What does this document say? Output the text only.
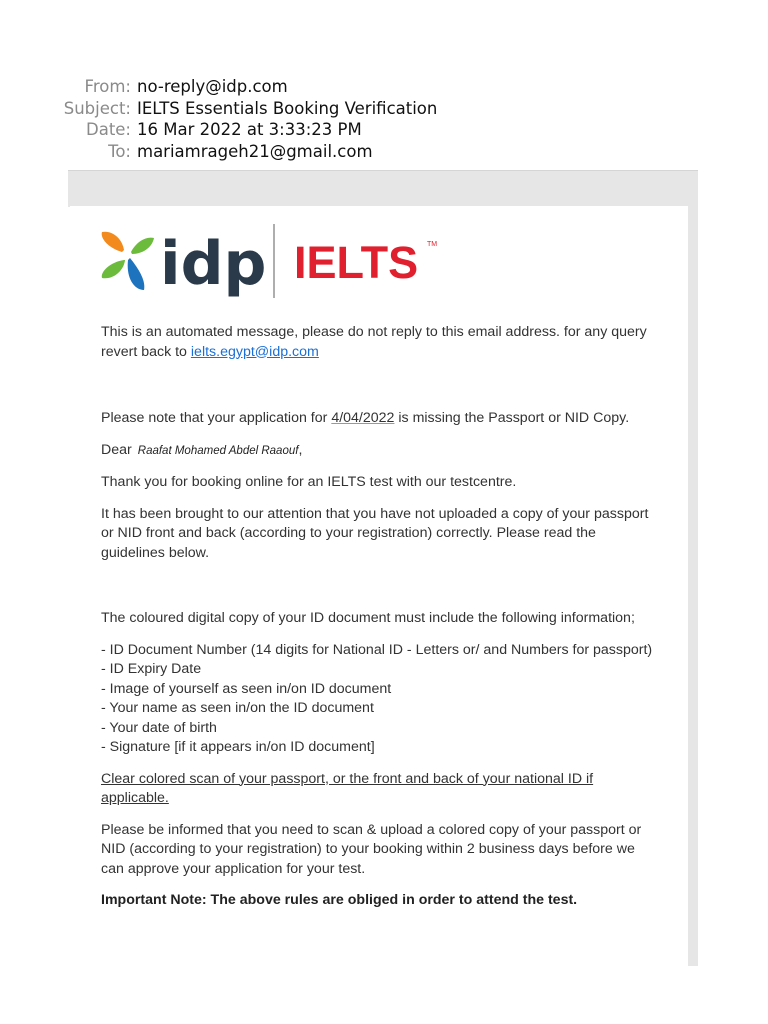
From: no-reply@idp.com
Subject: IELTS Essentials Booking Verification
Date: 16 Mar 2022 at 3:33:23 PM
To: mariamrageh21@gmail.com
idp IELTS TM

This is an automated message, please do not reply to this email address. for any query revert back to ielts.egypt@idp.com

Please note that your application for 4/04/2022 is missing the Passport or NID Copy.

Dear Raafat Mohamed Abdel Raaouf,

Thank you for booking online for an IELTS test with our testcentre.

It has been brought to our attention that you have not uploaded a copy of your passport or NID front and back (according to your registration) correctly. Please read the guidelines below.

The coloured digital copy of your ID document must include the following information;

- ID Document Number (14 digits for National ID - Letters or/ and Numbers for passport)
- ID Expiry Date
- Image of yourself as seen in/on ID document
- Your name as seen in/on the ID document
- Your date of birth
- Signature [if it appears in/on ID document]

Clear colored scan of your passport, or the front and back of your national ID if applicable.

Please be informed that you need to scan & upload a colored copy of your passport or NID (according to your registration) to your booking within 2 business days before we can approve your application for your test.

Important Note: The above rules are obliged in order to attend the test.
